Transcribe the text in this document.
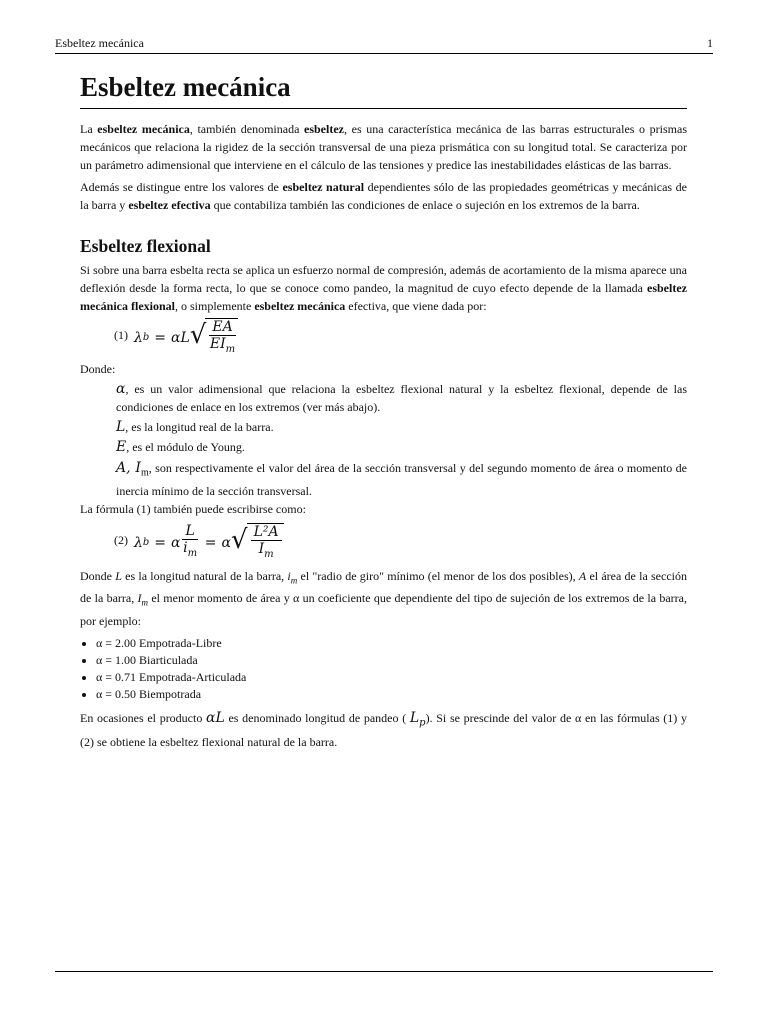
Esbeltez mecánica	1
Esbeltez mecánica

La esbeltez mecánica, también denominada esbeltez, es una característica mecánica de las barras estructurales o prismas mecánicos que relaciona la rigidez de la sección transversal de una pieza prismática con su longitud total. Se caracteriza por un parámetro adimensional que interviene en el cálculo de las tensiones y predice las inestabilidades elásticas de las barras.

Además se distingue entre los valores de esbeltez natural dependientes sólo de las propiedades geométricas y mecánicas de la barra y esbeltez efectiva que contabiliza también las condiciones de enlace o sujeción en los extremos de la barra.

Esbeltez flexional

Si sobre una barra esbelta recta se aplica un esfuerzo normal de compresión, además de acortamiento de la misma aparece una deflexión desde la forma recta, lo que se conoce como pandeo, la magnitud de cuyo efecto depende de la llamada esbeltez mecánica flexional, o simplemente esbeltez mecánica efectiva, que viene dada por:

(1) λ b = αL √ $\frac{EA}{EI_m}$

Donde:

α, es un valor adimensional que relaciona la esbeltez flexional natural y la esbeltez flexional, depende de las condiciones de enlace en los extremos (ver más abajo).

L, es la longitud real de la barra.

E, es el módulo de Young.

A, $I_m$, son respectivamente el valor del área de la sección transversal y del segundo momento de área o momento de inercia mínimo de la sección transversal.

La fórmula (1) también puede escribirse como:

(2) λ b = α $\frac{L}{i_m} = \alpha$ √ $\frac{\text{L²A}}{I_m}$

Donde L es la longitud natural de la barra, $i_m$ el "radio de giro" mínimo (el menor de los dos posibles), A el área de la sección de la barra, $I_m$ el menor momento de área y α un coeficiente que dependiente del tipo de sujeción de los extremos de la barra, por ejemplo:

• α = 2.00 Empotrada-Libre
• α = 1.00 Biarticulada
• α = 0.71 Empotrada-Articulada
• α = 0.50 Biempotrada

En ocasiones el producto αL es denominado longitud de pandeo ( $L_p$). Si se prescinde del valor de α en las fórmulas (1) y (2) se obtiene la esbeltez flexional natural de la barra.
